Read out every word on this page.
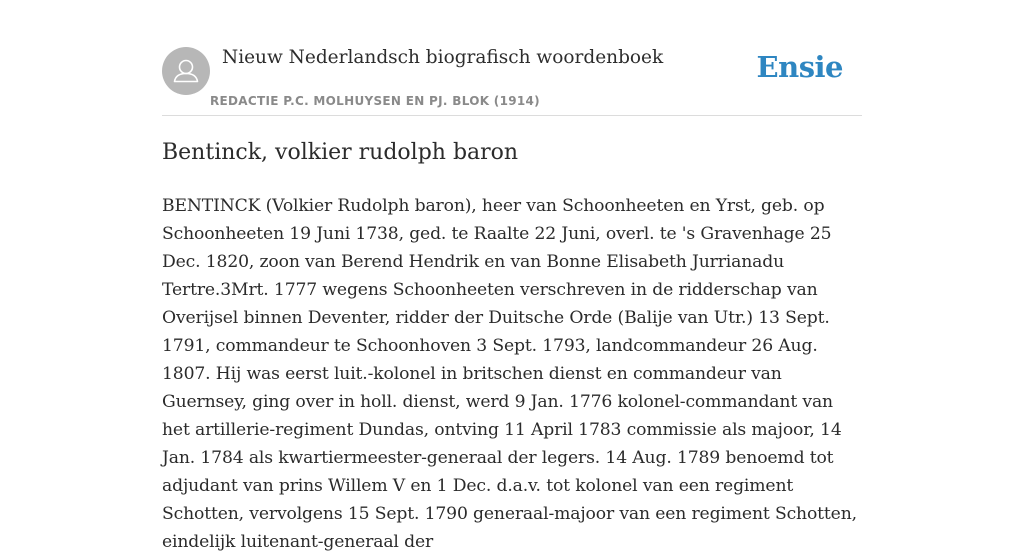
Nieuw Nederlandsch biografisch woordenboek
REDACTIE P.C. MOLHUYSEN EN PJ. BLOK (1914)
Ensie
Bentinck, volkier rudolph baron

BENTINCK (Volkier Rudolph baron), heer van Schoonheeten en Yrst, geb. op Schoonheeten 19 Juni 1738, ged. te Raalte 22 Juni, overl. te 's Gravenhage 25 Dec. 1820, zoon van Berend Hendrik en van Bonne Elisabeth Jurrianadu Tertre.3Mrt. 1777 wegens Schoonheeten verschreven in de ridderschap van Overijsel binnen Deventer, ridder der Duitsche Orde (Balije van Utr.) 13 Sept. 1791, commandeur te Schoonhoven 3 Sept. 1793, landcommandeur 26 Aug. 1807. Hij was eerst luit.-kolonel in britschen dienst en commandeur van Guernsey, ging over in holl. dienst, werd 9 Jan. 1776 kolonel-commandant van het artillerie-regiment Dundas, ontving 11 April 1783 commissie als majoor, 14 Jan. 1784 als kwartiermeester-generaal der legers. 14 Aug. 1789 benoemd tot adjudant van prins Willem V en 1 Dec. d.a.v. tot kolonel van een regiment Schotten, vervolgens 15 Sept. 1790 generaal-majoor van een regiment Schotten, eindelijk luitenant-generaal der
